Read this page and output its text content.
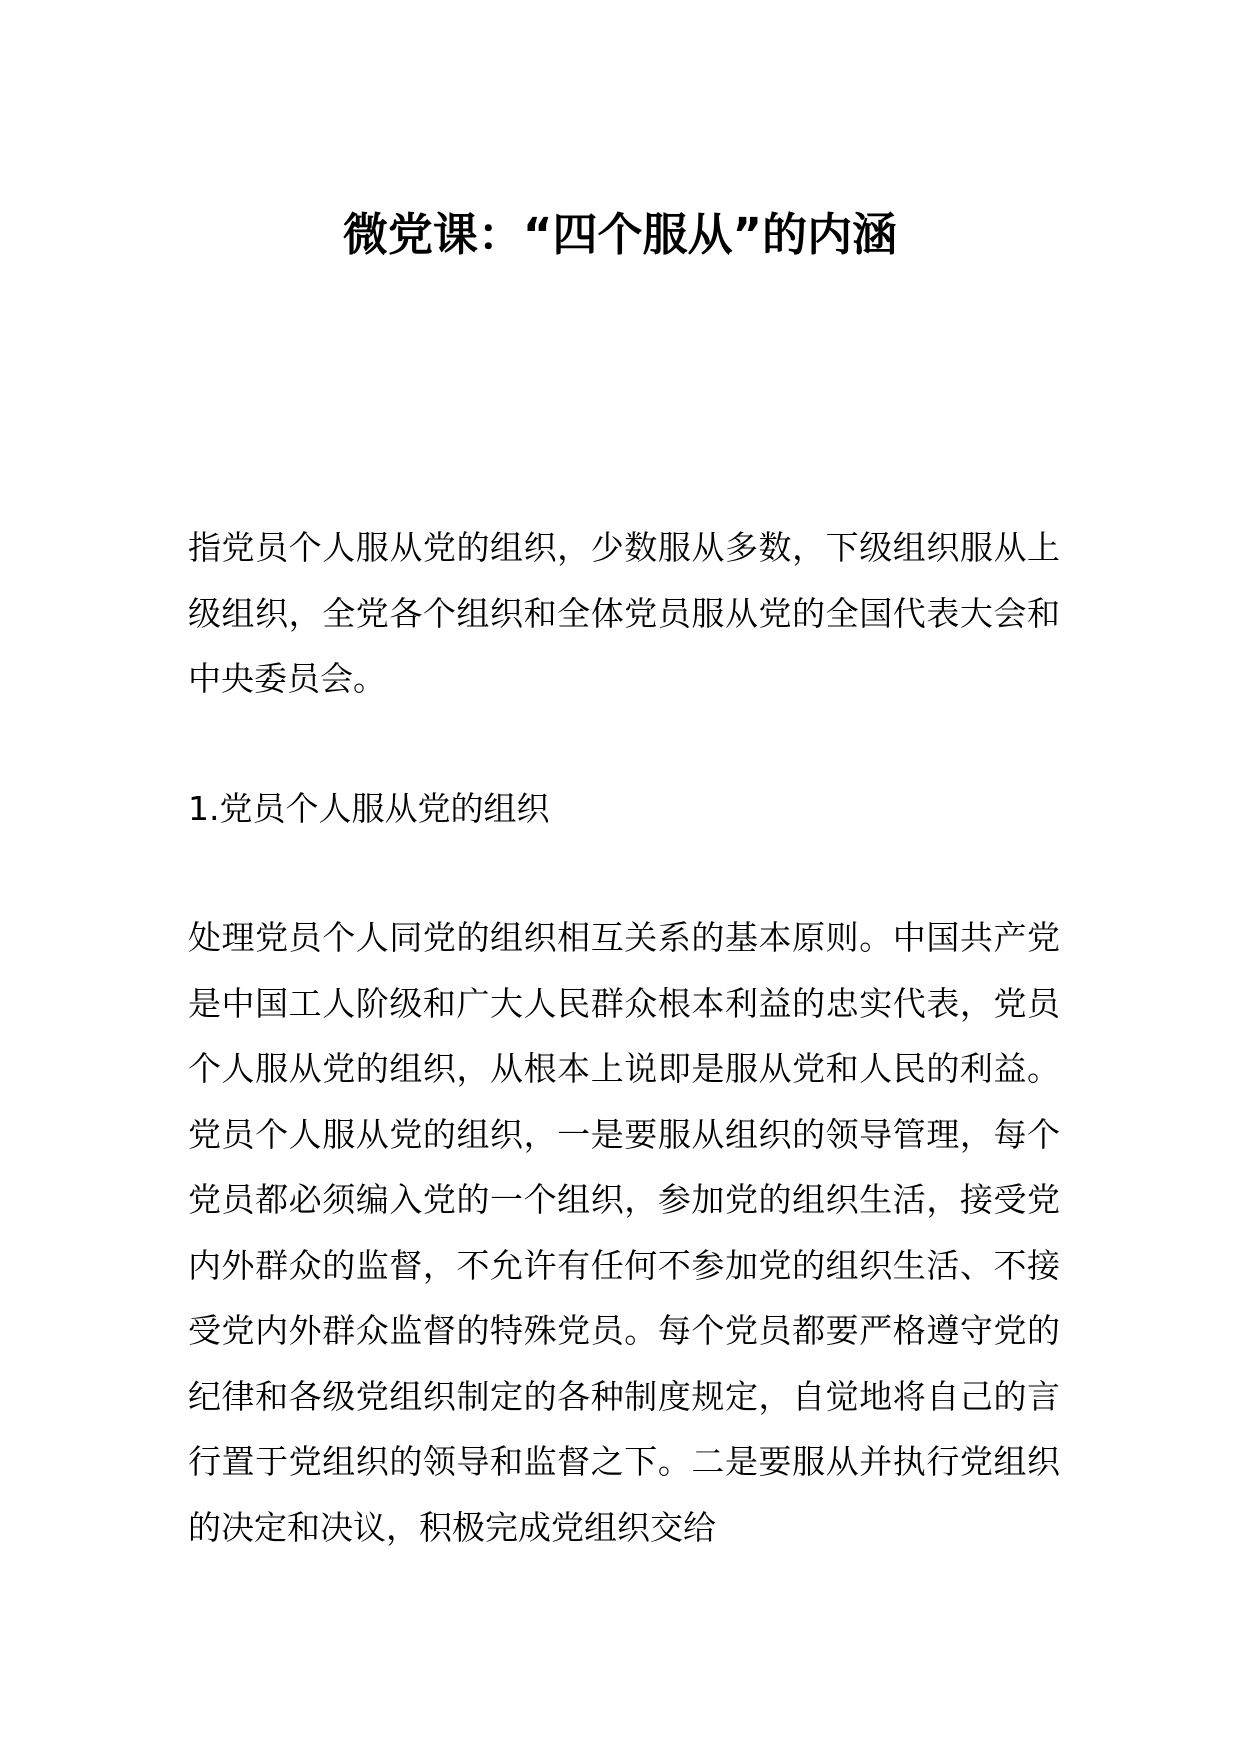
微党课：“四个服从”的内涵

指党员个人服从党的组织，少数服从多数，下级组织服从上级组织，全党各个组织和全体党员服从党的全国代表大会和中央委员会。

1.党员个人服从党的组织

处理党员个人同党的组织相互关系的基本原则。中国共产党是中国工人阶级和广大人民群众根本利益的忠实代表，党员个人服从党的组织，从根本上说即是服从党和人民的利益。党员个人服从党的组织，一是要服从组织的领导管理，每个党员都必须编入党的一个组织，参加党的组织生活，接受党内外群众的监督，不允许有任何不参加党的组织生活、不接受党内外群众监督的特殊党员。每个党员都要严格遵守党的纪律和各级党组织制定的各种制度规定，自觉地将自己的言行置于党组织的领导和监督之下。二是要服从并执行党组织的决定和决议，积极完成党组织交给
